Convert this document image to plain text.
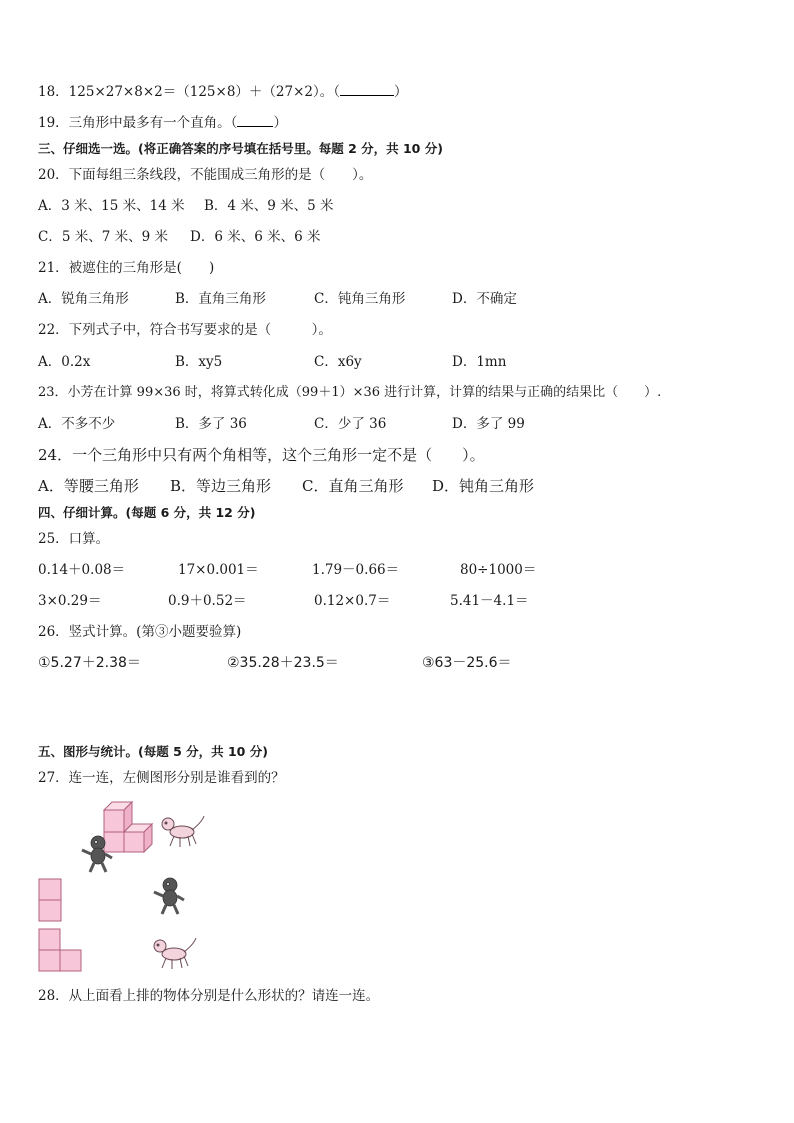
18．125×27×8×2＝（125×8）＋（27×2）。（	）
19．三角形中最多有一个直角。（	）
三、仔细选一选。(将正确答案的序号填在括号里。每题 2 分，共 10 分)
20．下面每组三条线段，不能围成三角形的是（　　）。
A．3 米、15 米、14 米 B．4 米、9 米、5 米
C．5 米、7 米、9 米 D．6 米、6 米、6 米
21．被遮住的三角形是(　　)
A．锐角三角形	B．直角三角形	C．钝角三角形	D．不确定
22．下列式子中，符合书写要求的是（　　　）。
A．0.2x	B．xy5	C．x6y	D．1mn
23．小芳在计算 99×36 时，将算式转化成（99＋1）×36 进行计算，计算的结果与正确的结果比（　　）.
A．不多不少	B．多了 36	C．少了 36	D．多了 99
24．一个三角形中只有两个角相等，这个三角形一定不是（　　）。
A．等腰三角形 B．等边三角形 C．直角三角形 D．钝角三角形
四、仔细计算。(每题 6 分，共 12 分)
25．口算。
0.14＋0.08＝	17×0.001＝	1.79－0.66＝	80÷1000＝
3×0.29＝	0.9＋0.52＝	0.12×0.7＝	5.41－4.1＝
26．竖式计算。(第③小题要验算)
①5.27＋2.38＝	②35.28＋23.5＝	③63－25.6＝
五、图形与统计。(每题 5 分，共 10 分)
27．连一连，左侧图形分别是谁看到的？
28．从上面看上排的物体分别是什么形状的？请连一连。
